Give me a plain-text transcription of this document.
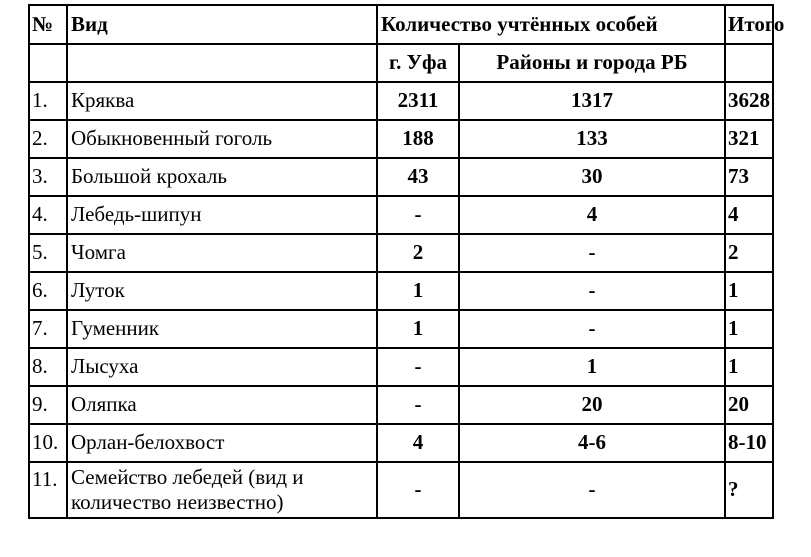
№	Вид	Количество учтённых особей		Итого
		г. Уфа	Районы и города РБ	
1.	Кряква	2311	1317	3628
2.	Обыкновенный гоголь	188	133	321
3.	Большой крохаль	43	30	73
4.	Лебедь-шипун	-	4	4
5.	Чомга	2	-	2
6.	Луток	1	-	1
7.	Гуменник	1	-	1
8.	Лысуха	-	1	1
9.	Оляпка	-	20	20
10.	Орлан-белохвост	4	4-6	8-10
11.	Семейство лебедей (вид и количество неизвестно)	-	-	?
